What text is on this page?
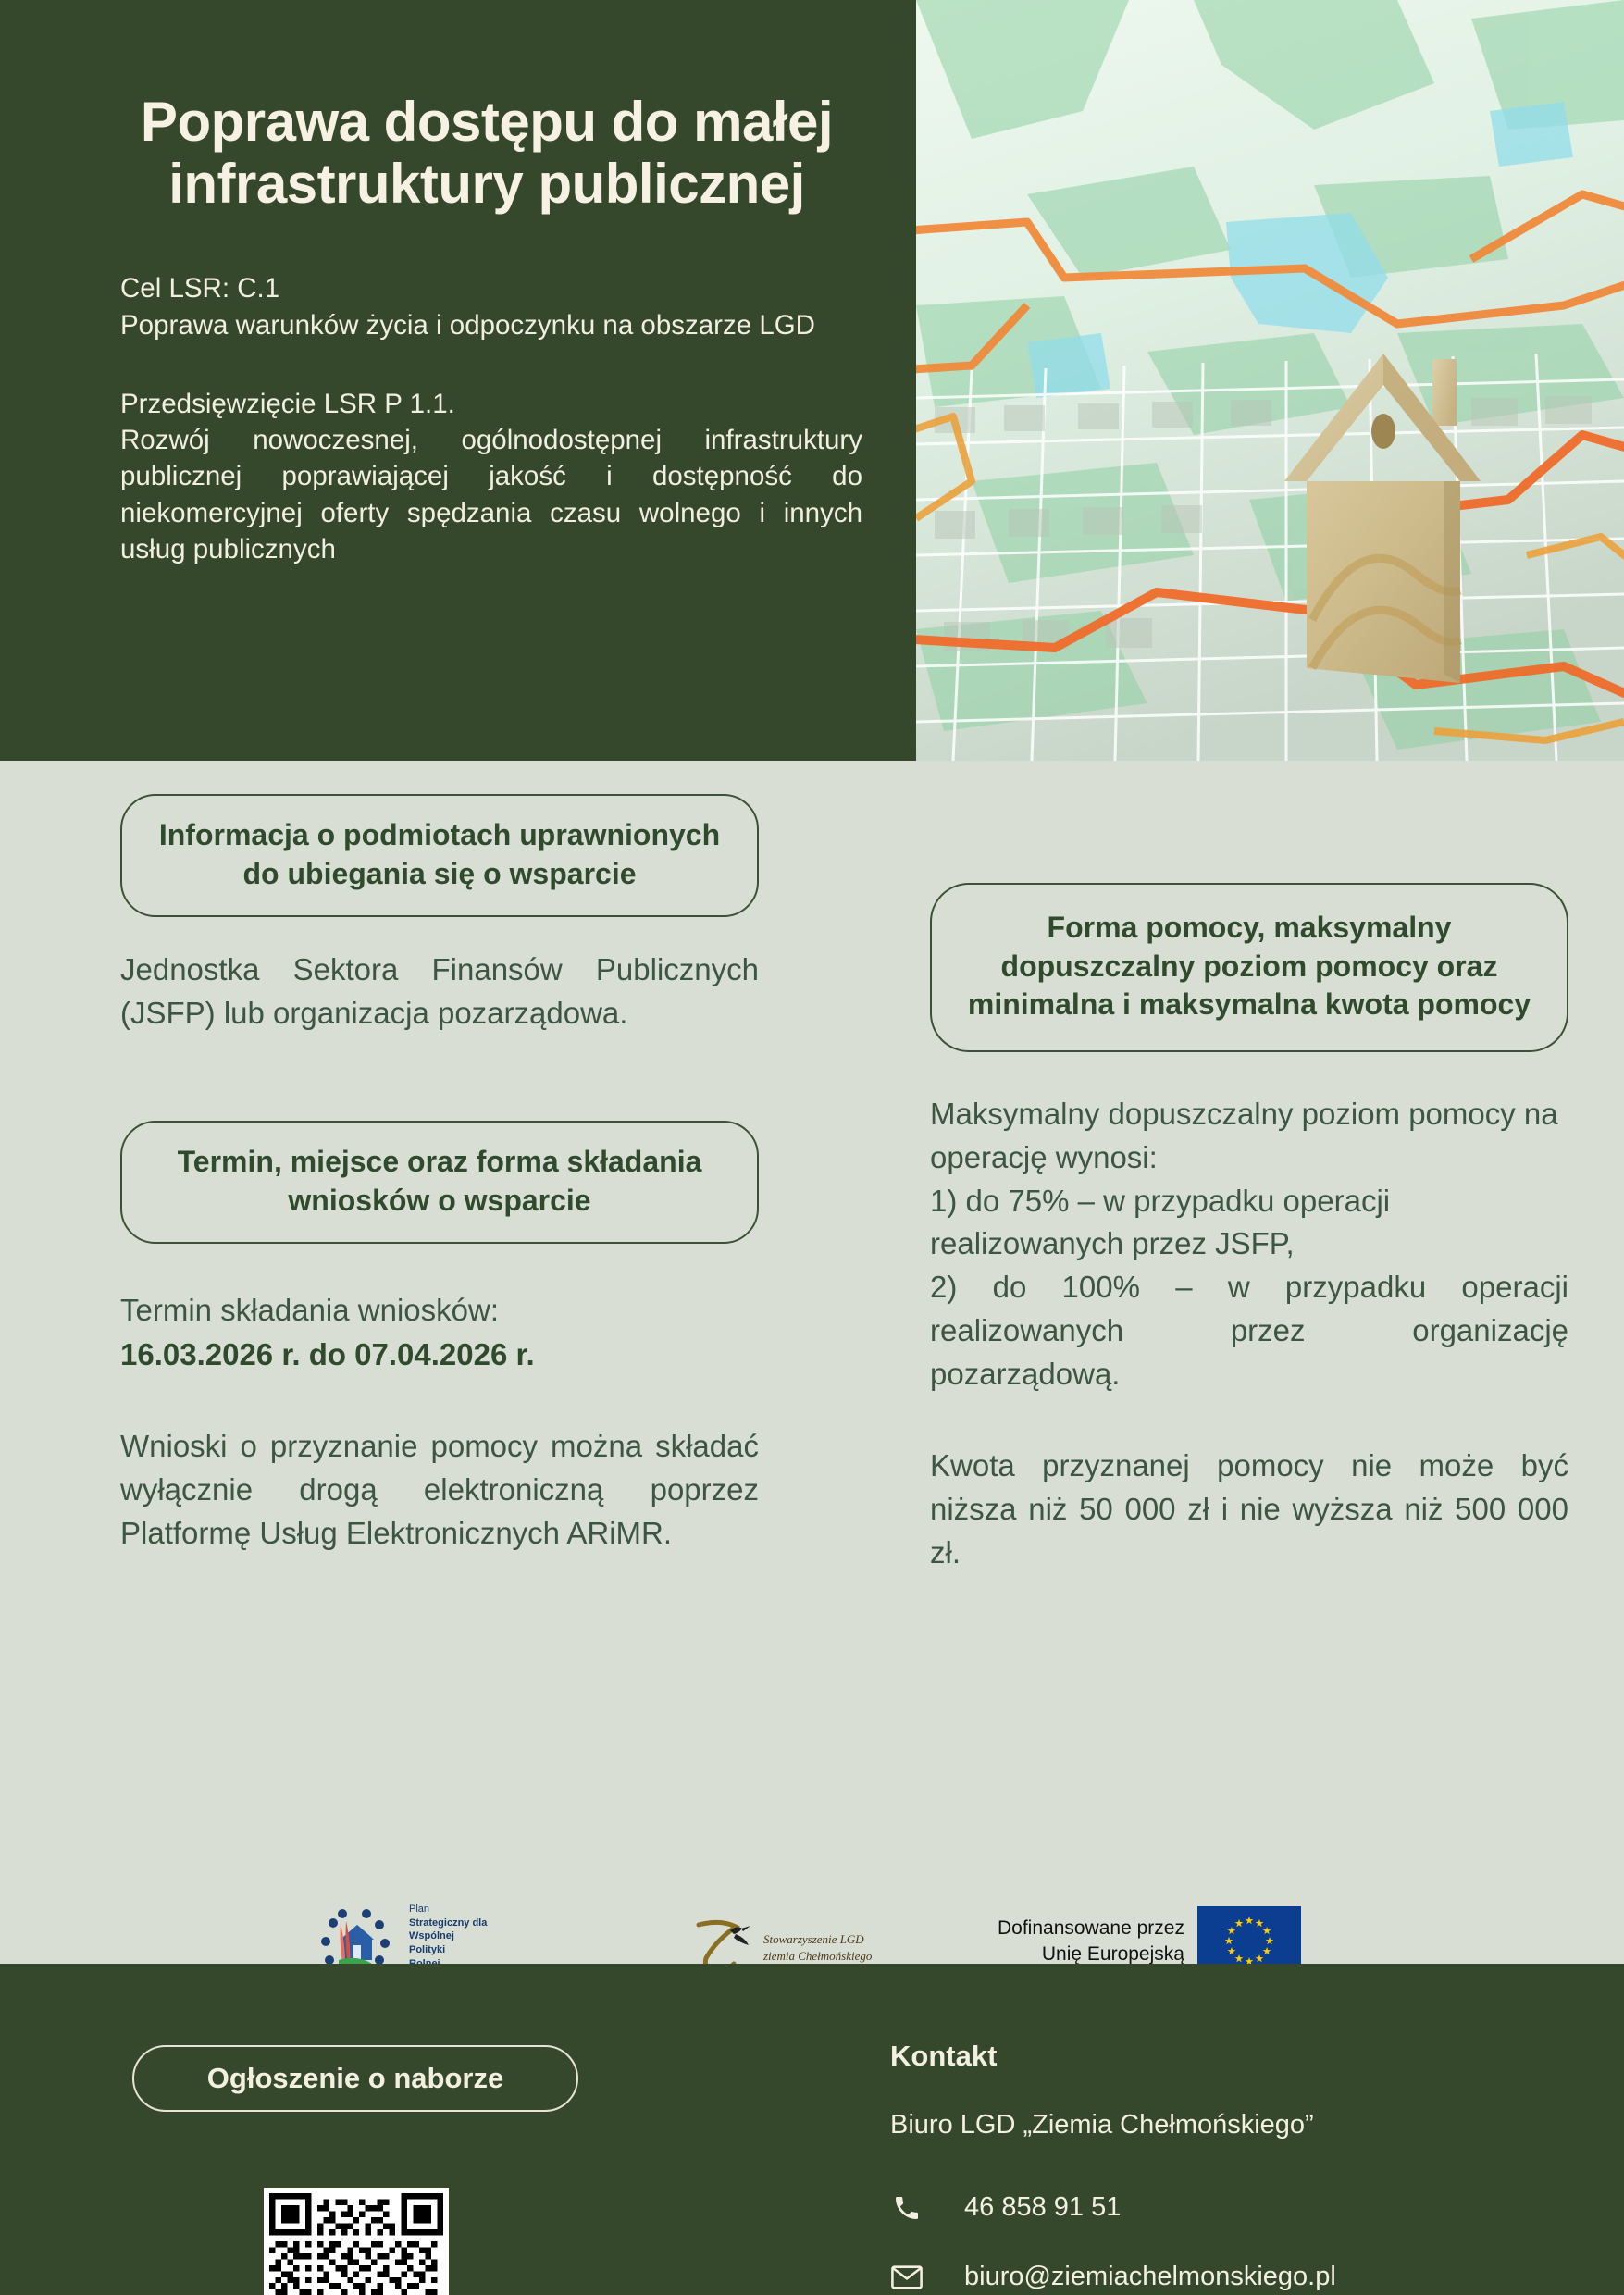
Poprawa dostępu do małej infrastruktury publicznej
Cel LSR: C.1
Poprawa warunków życia i odpoczynku na obszarze LGD
Przedsięwzięcie LSR P 1.1.
Rozwój nowoczesnej, ogólnodostępnej infrastruktury publicznej poprawiającej jakość i dostępność do niekomercyjnej oferty spędzania czasu wolnego i innych usług publicznych
Informacja o podmiotach uprawnionych do ubiegania się o wsparcie
Jednostka Sektora Finansów Publicznych (JSFP) lub organizacja pozarządowa.
Termin, miejsce oraz forma składania wniosków o wsparcie
Termin składania wniosków:
16.03.2026 r. do 07.04.2026 r.
Wnioski o przyznanie pomocy można składać wyłącznie drogą elektroniczną poprzez Platformę Usług Elektronicznych ARiMR.
Forma pomocy, maksymalny dopuszczalny poziom pomocy oraz minimalna i maksymalna kwota pomocy
Maksymalny dopuszczalny poziom pomocy na operację wynosi:
1) do 75% – w przypadku operacji realizowanych przez JSFP,
2) do 100% – w przypadku operacji realizowanych przez organizację pozarządową.
Kwota przyznanej pomocy nie może być niższa niż 50 000 zł i nie wyższa niż 500 000 zł.
Plan
Strategiczny dla
Wspólnej
Polityki
Stowarzyszenie LGD
ziemia Chełmońskiego
Dofinansowane przez
Unię Europejską
Ogłoszenie o naborze
Kontakt
Biuro LGD „Ziemia Chełmońskiego”
46 858 91 51
biuro@ziemiachelmonskiego.pl
